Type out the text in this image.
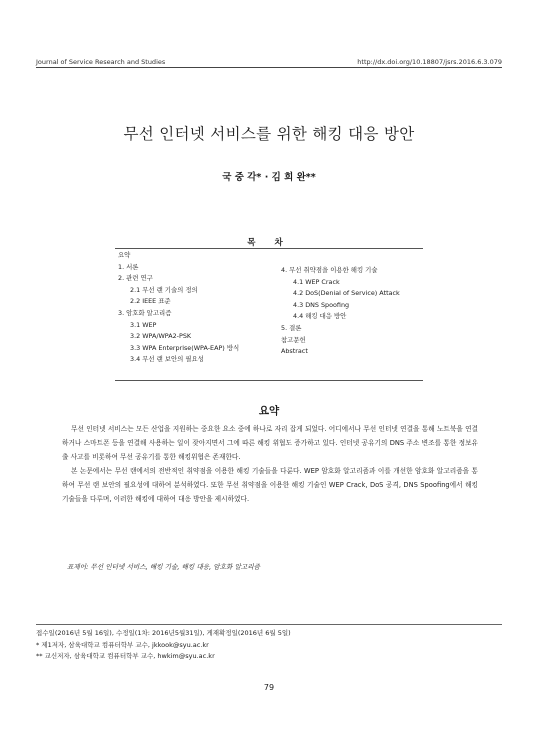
Journal of Service Research and Studies	http://dx.doi.org/10.18807/jsrs.2016.6.3.079
무선 인터넷 서비스를 위한 해킹 대응 방안
국 중 각* · 김 희 완**
목 차
요약
1. 서론
2. 관련 연구
2.1 무선 랜 기술의 정의
2.2 IEEE 표준
3. 암호화 알고리즘
3.1 WEP
3.2 WPA/WPA2-PSK
3.3 WPA Enterprise(WPA-EAP) 방식
3.4 무선 랜 보안의 필요성
4. 무선 취약점을 이용한 해킹 기술
4.1 WEP Crack
4.2 DoS(Denial of Service) Attack
4.3 DNS Spoofing
4.4 해킹 대응 방안
5. 결론
참고문헌
Abstract
요약

무선 인터넷 서비스는 모든 산업을 지원하는 중요한 요소 중에 하나로 자리 잡게 되었다. 어디에서나 무선 인터넷 연결을 통해 노트북을 연결하거나 스마트폰 등을 연결해 사용하는 일이 잦아지면서 그에 따른 해킹 위협도 증가하고 있다. 인터넷 공유기의 DNS 주소 변조를 통한 정보유출 사고를 비롯하여 무선 공유기를 통한 해킹위협은 존재한다.

본 논문에서는 무선 랜에서의 전반적인 취약점을 이용한 해킹 기술들을 다룬다. WEP 암호화 알고리즘과 이를 개선한 암호화 알고리즘을 통하여 무선 랜 보안의 필요성에 대하여 분석하였다. 또한 무선 취약점을 이용한 해킹 기술인 WEP Crack, DoS 공격, DNS Spoofing에서 해킹 기술들을 다루며, 이러한 해킹에 대하여 대응 방안을 제시하였다.

표제어: 무선 인터넷 서비스, 해킹 기술, 해킹 대응, 암호화 알고리즘
접수일(2016년 5월 16일), 수정일(1차: 2016년5월31일), 게재확정일(2016년 6월 5일)
* 제1저자, 삼육대학교 컴퓨터학부 교수, jkkook@syu.ac.kr
** 교신저자, 삼육대학교 컴퓨터학부 교수, hwkim@syu.ac.kr
79
